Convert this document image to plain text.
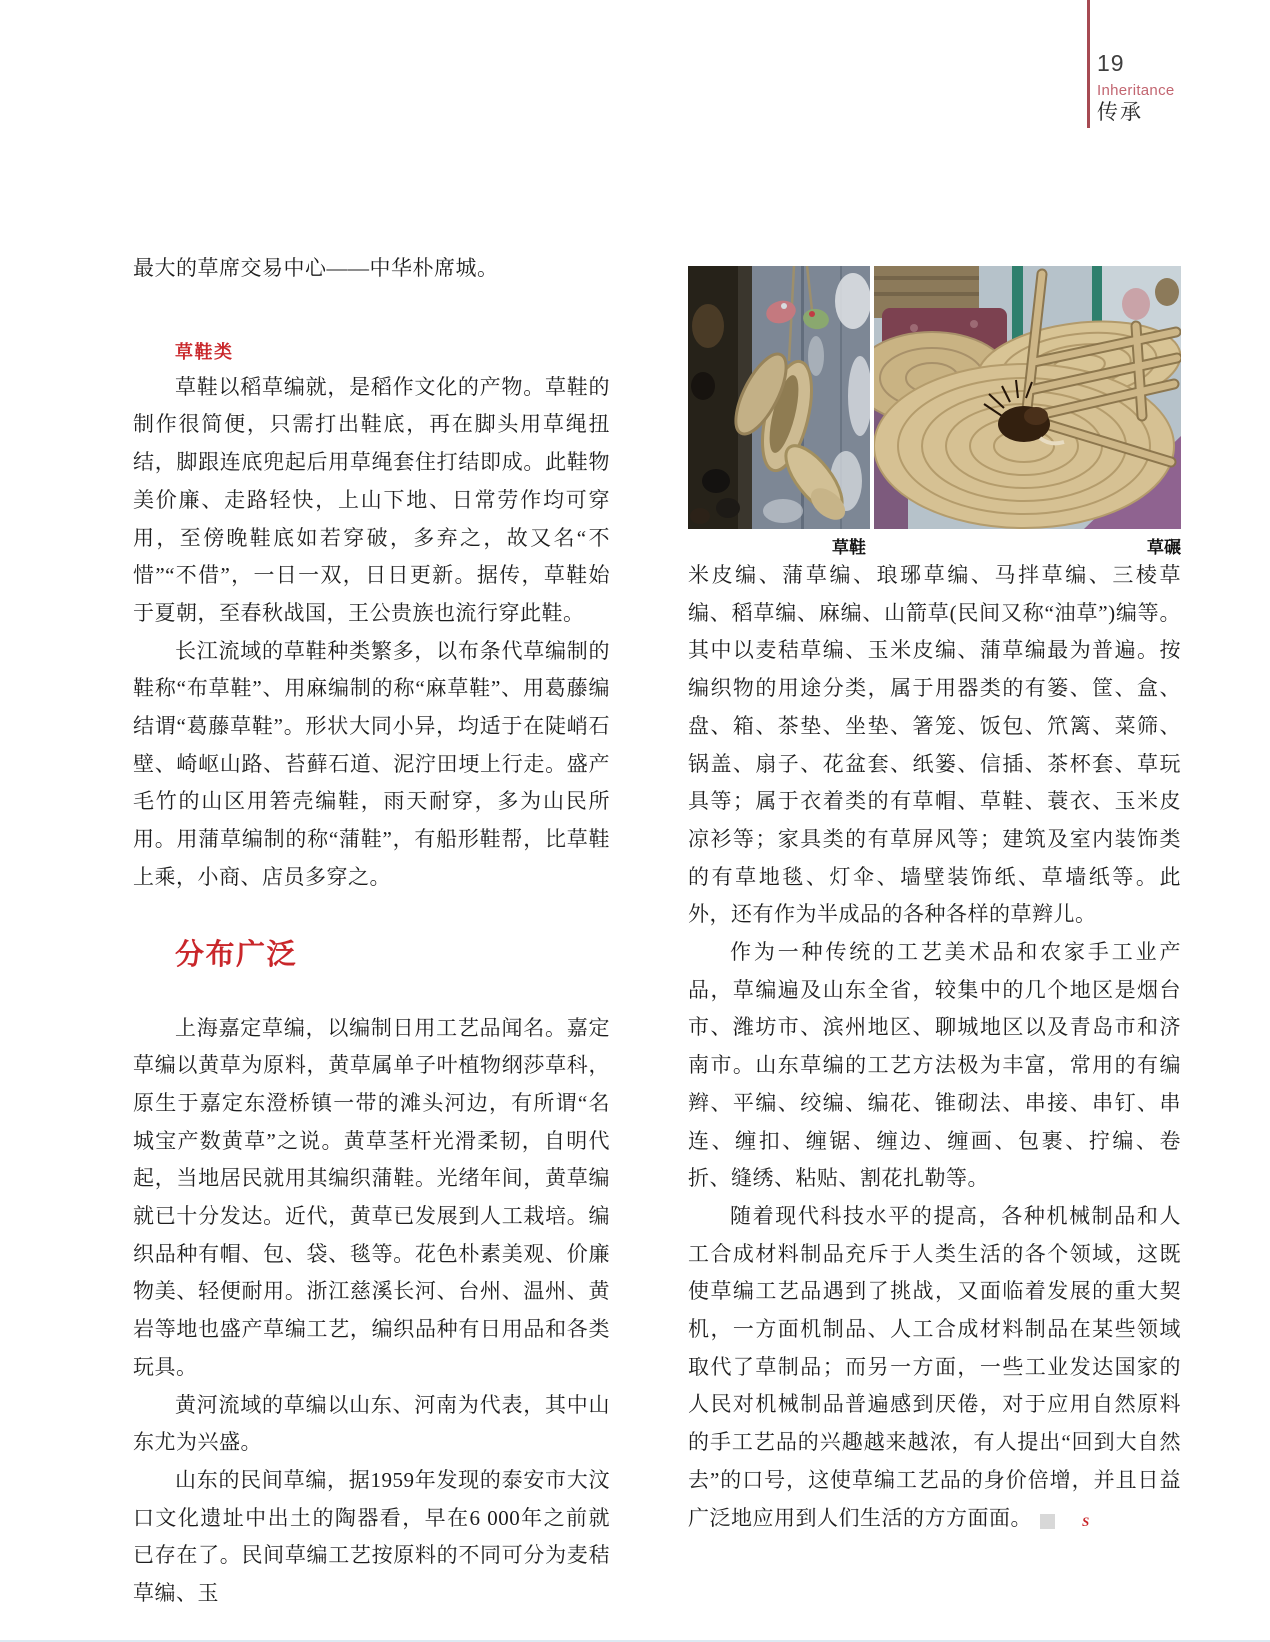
19
Inheritance
传承

最大的草席交易中心——中华朴席城。

草鞋类

草鞋以稻草编就，是稻作文化的产物。草鞋的制作很简便，只需打出鞋底，再在脚头用草绳扭结，脚跟连底兜起后用草绳套住打结即成。此鞋物美价廉、走路轻快，上山下地、日常劳作均可穿用，至傍晚鞋底如若穿破，多弃之，故又名“不惜”“不借”，一日一双，日日更新。据传，草鞋始于夏朝，至春秋战国，王公贵族也流行穿此鞋。

长江流域的草鞋种类繁多，以布条代草编制的鞋称“布草鞋”、用麻编制的称“麻草鞋”、用葛藤编结谓“葛藤草鞋”。形状大同小异，均适于在陡峭石壁、崎岖山路、苔藓石道、泥泞田埂上行走。盛产毛竹的山区用箬壳编鞋，雨天耐穿，多为山民所用。用蒲草编制的称“蒲鞋”，有船形鞋帮，比草鞋上乘，小商、店员多穿之。

分布广泛

上海嘉定草编，以编制日用工艺品闻名。嘉定草编以黄草为原料，黄草属单子叶植物纲莎草科，原生于嘉定东澄桥镇一带的滩头河边，有所谓“名城宝产数黄草”之说。黄草茎杆光滑柔韧，自明代起，当地居民就用其编织蒲鞋。光绪年间，黄草编就已十分发达。近代，黄草已发展到人工栽培。编织品种有帽、包、袋、毯等。花色朴素美观、价廉物美、轻便耐用。浙江慈溪长河、台州、温州、黄岩等地也盛产草编工艺，编织品种有日用品和各类玩具。

黄河流域的草编以山东、河南为代表，其中山东尤为兴盛。

山东的民间草编，据1959年发现的泰安市大汶口文化遗址中出土的陶器看，早在6 000年之前就已存在了。民间草编工艺按原料的不同可分为麦秸草编、玉

草鞋	草碾

米皮编、蒲草编、琅琊草编、马拌草编、三棱草编、稻草编、麻编、山箭草(民间又称“油草”)编等。其中以麦秸草编、玉米皮编、蒲草编最为普遍。按编织物的用途分类，属于用器类的有篓、筐、盒、盘、箱、茶垫、坐垫、箸笼、饭包、笊篱、菜筛、锅盖、扇子、花盆套、纸篓、信插、茶杯套、草玩具等；属于衣着类的有草帽、草鞋、蓑衣、玉米皮凉衫等；家具类的有草屏风等；建筑及室内装饰类的有草地毯、灯伞、墙壁装饰纸、草墙纸等。此外，还有作为半成品的各种各样的草辫儿。

作为一种传统的工艺美术品和农家手工业产品，草编遍及山东全省，较集中的几个地区是烟台市、潍坊市、滨州地区、聊城地区以及青岛市和济南市。山东草编的工艺方法极为丰富，常用的有编辫、平编、绞编、编花、锥砌法、串接、串钉、串连、缠扣、缠锯、缠边、缠画、包裹、拧编、卷折、缝绣、粘贴、割花扎勒等。

随着现代科技水平的提高，各种机械制品和人工合成材料制品充斥于人类生活的各个领域，这既使草编工艺品遇到了挑战，又面临着发展的重大契机，一方面机制品、人工合成材料制品在某些领域取代了草制品；而另一方面，一些工业发达国家的人民对机械制品普遍感到厌倦，对于应用自然原料的手工艺品的兴趣越来越浓，有人提出“回到大自然去”的口号，这使草编工艺品的身价倍增，并且日益广泛地应用到人们生活的方方面面。	S
